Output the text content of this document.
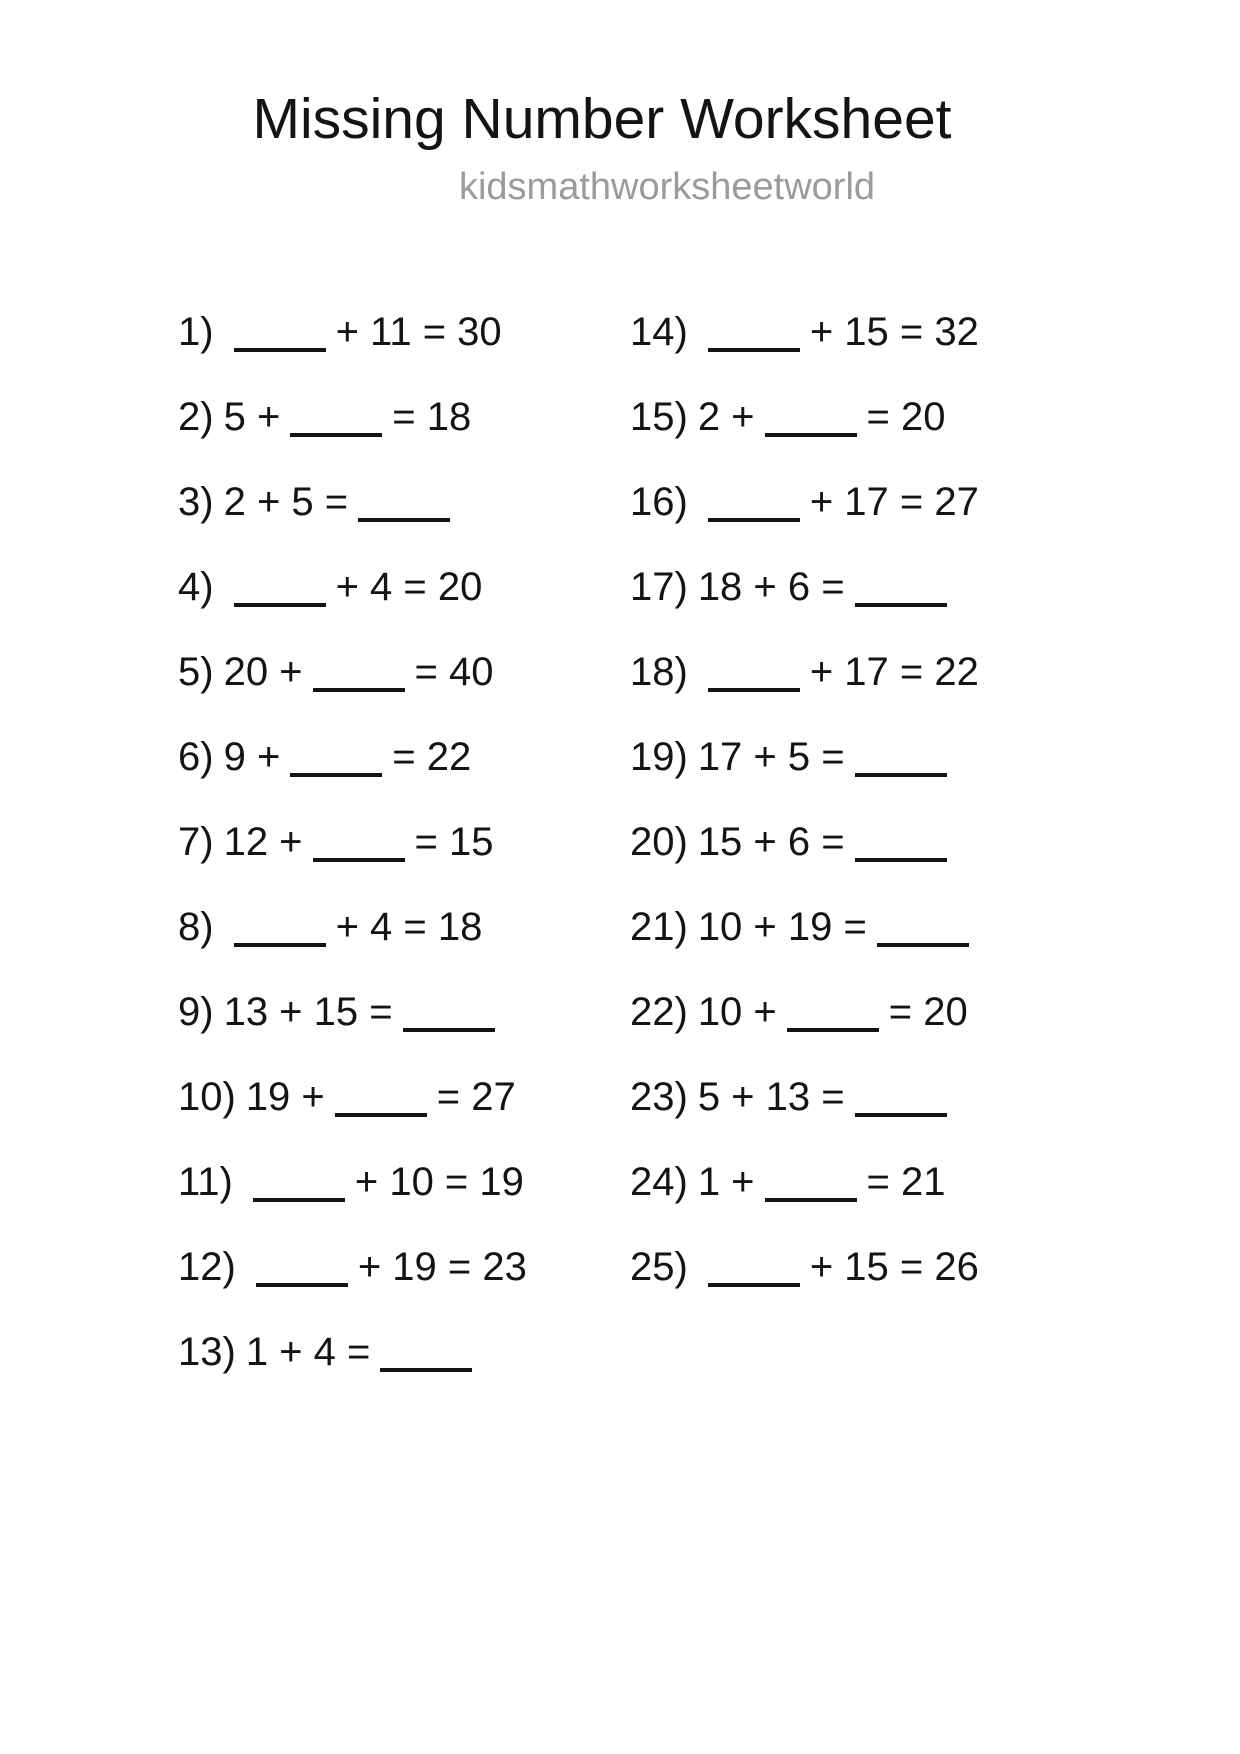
Missing Number Worksheet
kidsmathworksheetworld
1)	+ 11 = 30
2) 5 +	= 18
3) 2 + 5 =
4)	+ 4 = 20
5) 20 +	= 40
6) 9 +	= 22
7) 12 +	= 15
8)	+ 4 = 18
9) 13 + 15 =
10) 19 +	= 27
11)	+ 10 = 19
12)	+ 19 = 23
13) 1 + 4 =
14)	+ 15 = 32
15) 2 +	= 20
16)	+ 17 = 27
17) 18 + 6 =
18)	+ 17 = 22
19) 17 + 5 =
20) 15 + 6 =
21) 10 + 19 =
22) 10 +	= 20
23) 5 + 13 =
24) 1 +	= 21
25)	+ 15 = 26
